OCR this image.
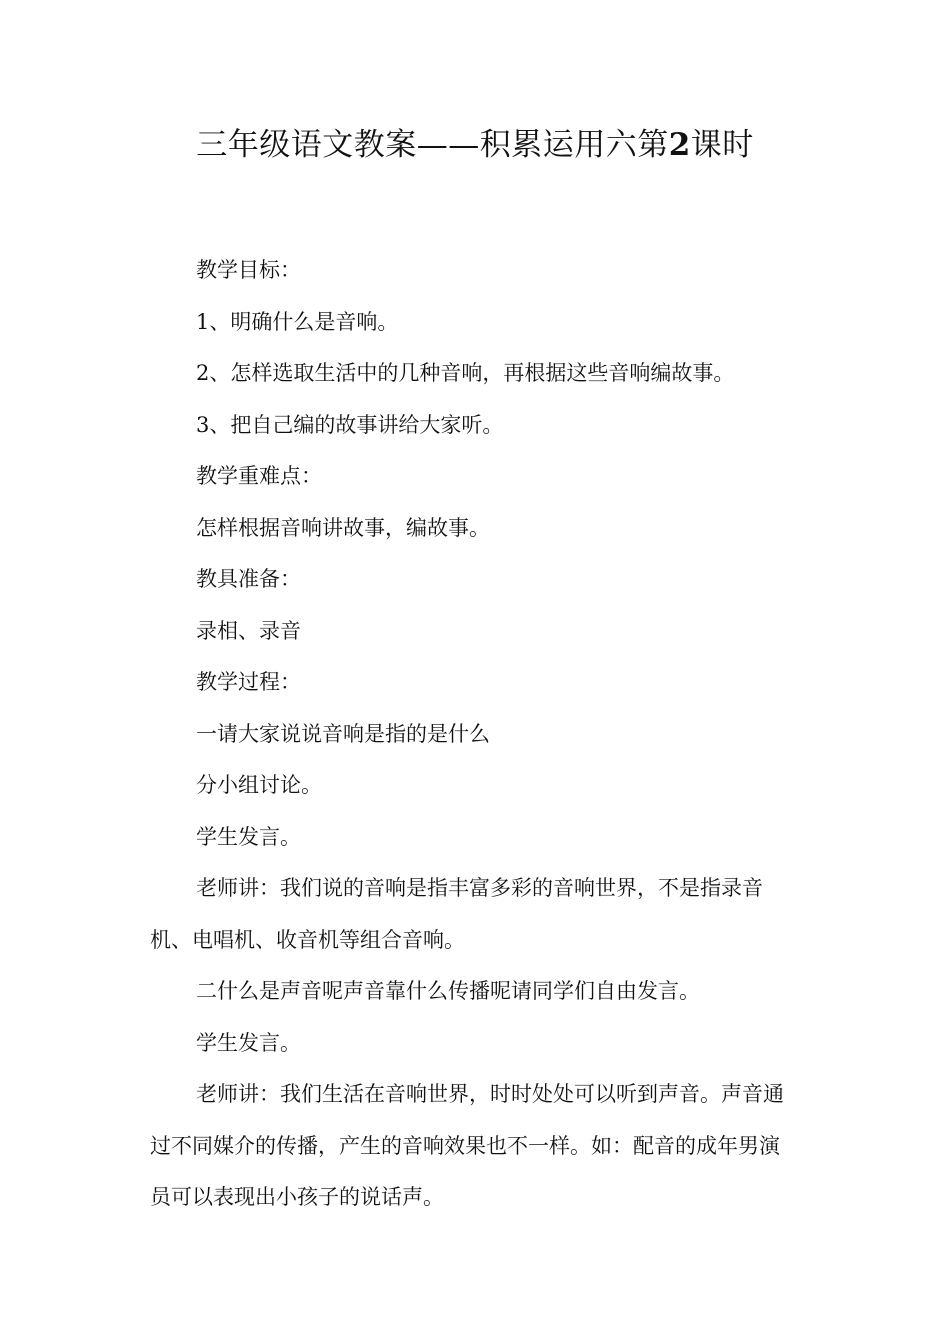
三年级语文教案——积累运用六第2课时

教学目标：

1、明确什么是音响。

2、怎样选取生活中的几种音响，再根据这些音响编故事。

3、把自己编的故事讲给大家听。

教学重难点：

怎样根据音响讲故事，编故事。

教具准备：

录相、录音

教学过程：

一请大家说说音响是指的是什么

分小组讨论。

学生发言。

老师讲：我们说的音响是指丰富多彩的音响世界，不是指录音机、电唱机、收音机等组合音响。

二什么是声音呢声音靠什么传播呢请同学们自由发言。

学生发言。

老师讲：我们生活在音响世界，时时处处可以听到声音。声音通过不同媒介的传播，产生的音响效果也不一样。如：配音的成年男演员可以表现出小孩子的说话声。
